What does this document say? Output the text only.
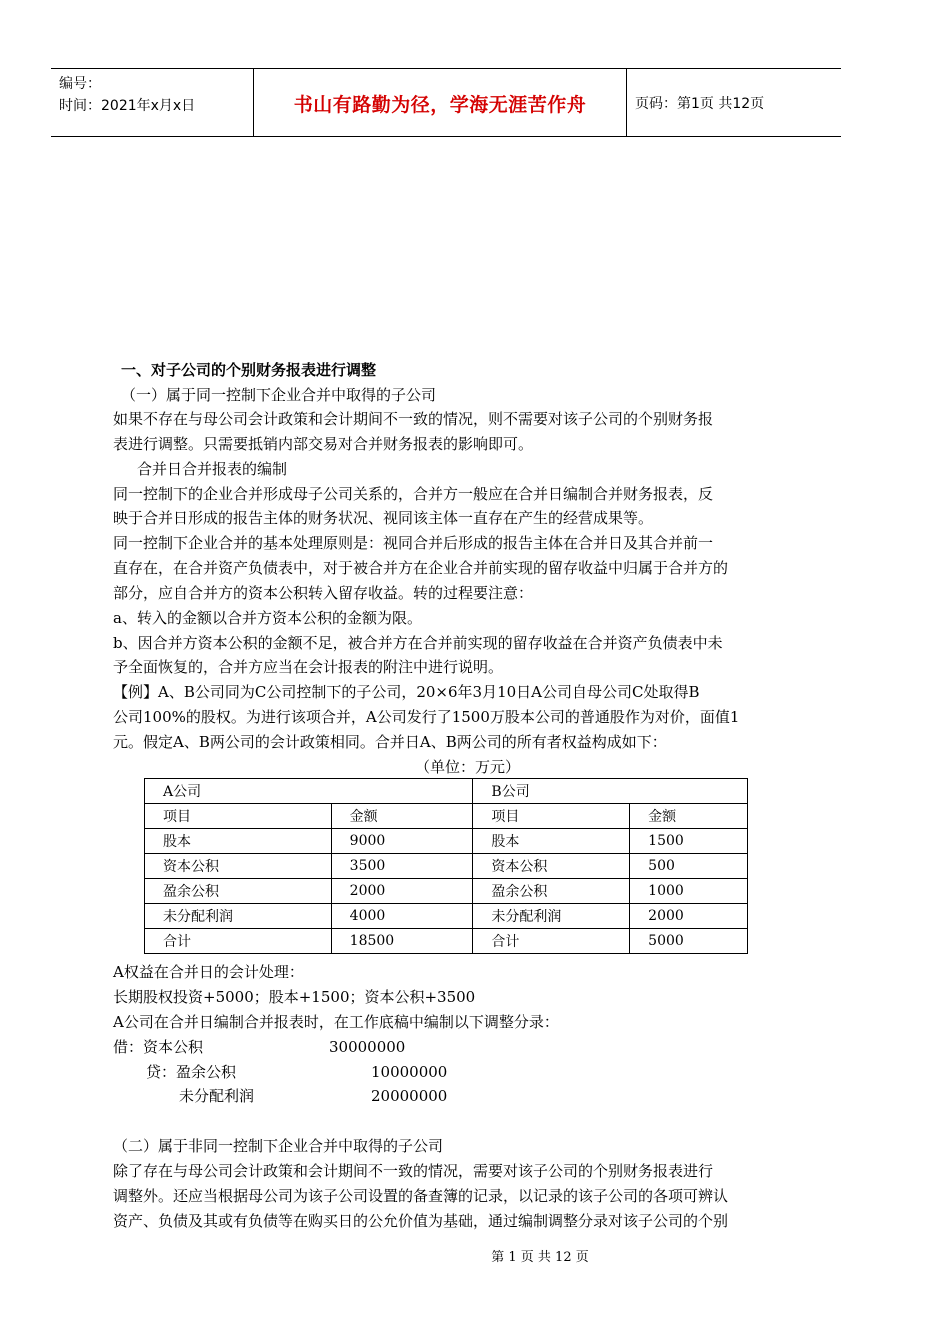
编号：
时间：2021年x月x日	书山有路勤为径，学海无涯苦作舟	页码：第1页 共12页
一、对子公司的个别财务报表进行调整
（一）属于同一控制下企业合并中取得的子公司
如果不存在与母公司会计政策和会计期间不一致的情况，则不需要对该子公司的个别财务报
表进行调整。只需要抵销内部交易对合并财务报表的影响即可。
合并日合并报表的编制
同一控制下的企业合并形成母子公司关系的，合并方一般应在合并日编制合并财务报表，反
映于合并日形成的报告主体的财务状况、视同该主体一直存在产生的经营成果等。
同一控制下企业合并的基本处理原则是：视同合并后形成的报告主体在合并日及其合并前一
直存在，在合并资产负债表中，对于被合并方在企业合并前实现的留存收益中归属于合并方的
部分，应自合并方的资本公积转入留存收益。转的过程要注意：
a、转入的金额以合并方资本公积的金额为限。
b、因合并方资本公积的金额不足，被合并方在合并前实现的留存收益在合并资产负债表中未
予全面恢复的，合并方应当在会计报表的附注中进行说明。
【例】A、B公司同为C公司控制下的子公司，20×6年3月10日A公司自母公司C处取得B
公司100%的股权。为进行该项合并，A公司发行了1500万股本公司的普通股作为对价，面值1
元。假定A、B两公司的会计政策相同。合并日A、B两公司的所有者权益构成如下：
（单位：万元）
A公司		B公司	
项目	金额	项目	金额
股本	9000	股本	1500
资本公积	3500	资本公积	500
盈余公积	2000	盈余公积	1000
未分配利润	4000	未分配利润	2000
合计	18500	合计	5000
A权益在合并日的会计处理：
长期股权投资+5000；股本+1500；资本公积+3500
A公司在合并日编制合并报表时，在工作底稿中编制以下调整分录：
借：资本公积	30000000
贷：盈余公积	10000000
未分配利润	20000000
（二）属于非同一控制下企业合并中取得的子公司
除了存在与母公司会计政策和会计期间不一致的情况，需要对该子公司的个别财务报表进行
调整外。还应当根据母公司为该子公司设置的备查簿的记录，以记录的该子公司的各项可辨认
资产、负债及其或有负债等在购买日的公允价值为基础，通过编制调整分录对该子公司的个别
第 1 页 共 12 页
